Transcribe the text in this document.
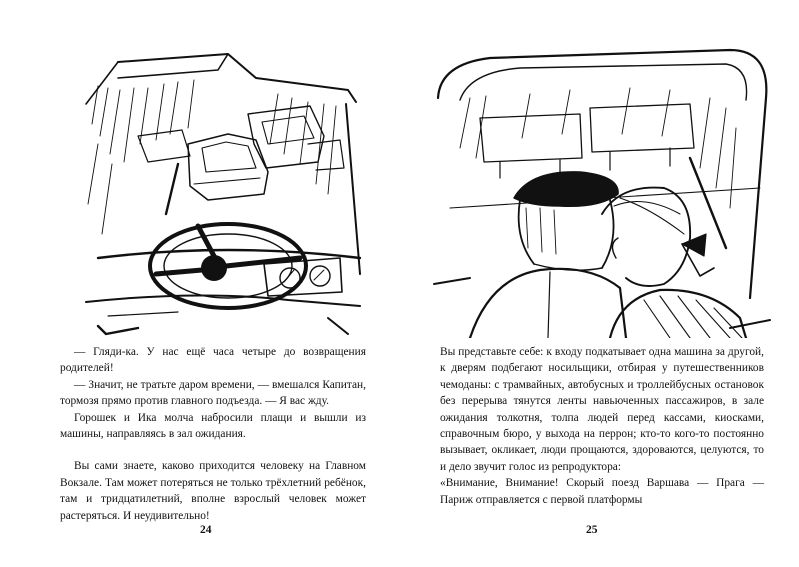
— Гляди-ка. У нас ещё часа четыре до возвращения родителей!

— Значит, не тратьте даром времени, — вмешался Капитан, тормозя прямо против главного подъезда. — Я вас жду.

Горошек и Ика молча набросили плащи и вышли из машины, направляясь в зал ожидания.

Вы сами знаете, каково приходится человеку на Главном Вокзале. Там может потеряться не только трёхлетний ребёнок, там и тридцатилетний, вполне взрослый человек может растеряться. И неудивительно!

24

Вы представьте себе: к входу подкатывает одна машина за другой, к дверям подбегают носильщики, отбирая у путешественников чемоданы: с трамвайных, автобусных и троллейбусных остановок без перерыва тянутся ленты навьюченных пассажиров, в зале ожидания толкотня, толпа людей перед кассами, киосками, справочным бюро, у выхода на перрон; кто-то кого-то постоянно вызывает, окликает, люди прощаются, здороваются, целуются, то и дело звучит голос из репродуктора:

«Внимание, Внимание! Скорый поезд Варшава — Прага — Париж отправляется с первой платформы

25
